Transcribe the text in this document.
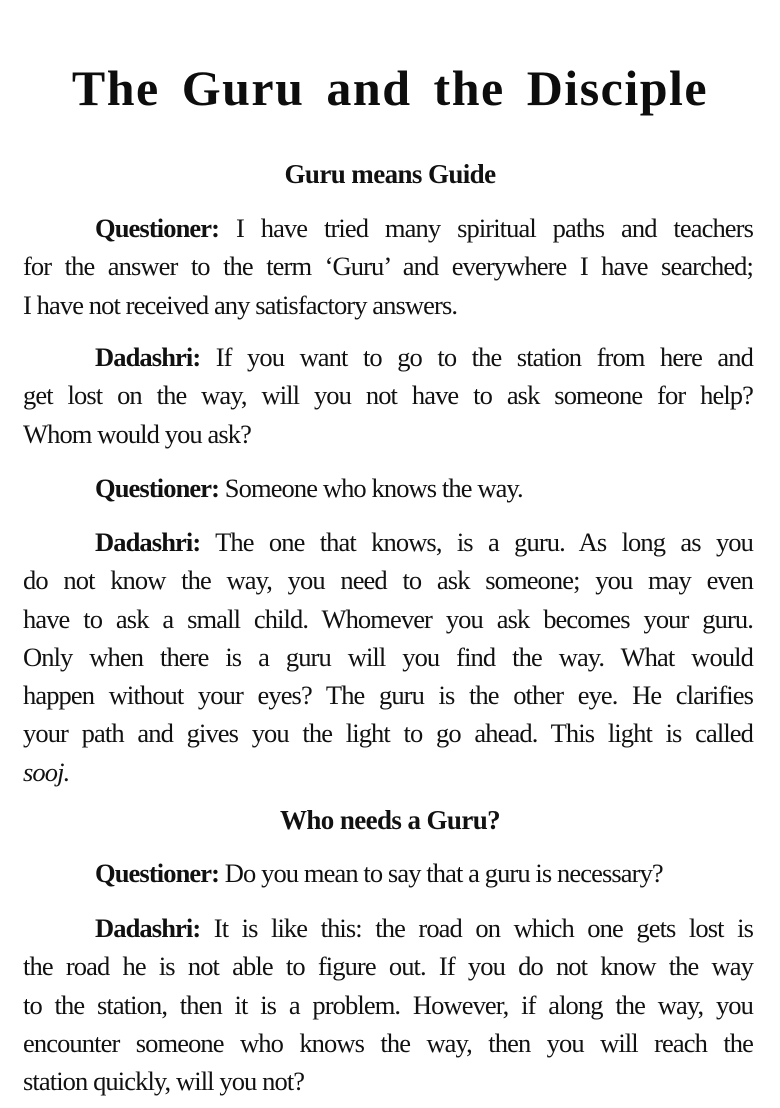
The Guru and the Disciple
Guru means Guide
Questioner: I have tried many spiritual paths and teachers
for the answer to the term ‘Guru’ and everywhere I have searched;
I have not received any satisfactory answers.
Dadashri: If you want to go to the station from here and
get lost on the way, will you not have to ask someone for help?
Whom would you ask?
Questioner: Someone who knows the way.
Dadashri: The one that knows, is a guru. As long as you
do not know the way, you need to ask someone; you may even
have to ask a small child. Whomever you ask becomes your guru.
Only when there is a guru will you find the way. What would
happen without your eyes? The guru is the other eye. He clarifies
your path and gives you the light to go ahead. This light is called
sooj.
Who needs a Guru?
Questioner: Do you mean to say that a guru is necessary?
Dadashri: It is like this: the road on which one gets lost is
the road he is not able to figure out. If you do not know the way
to the station, then it is a problem. However, if along the way, you
encounter someone who knows the way, then you will reach the
station quickly, will you not?
